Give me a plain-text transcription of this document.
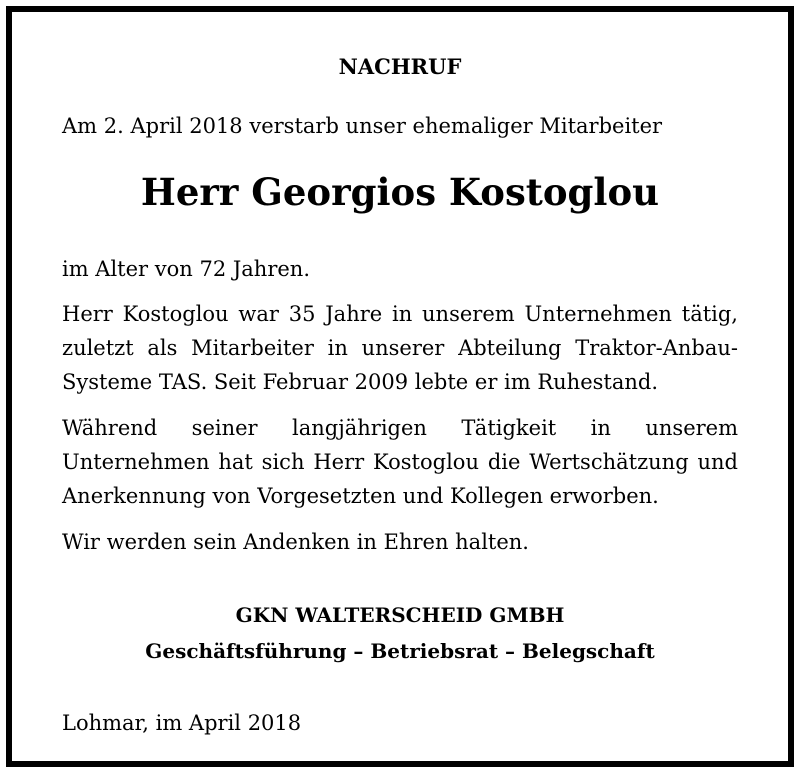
NACHRUF
Am 2. April 2018 verstarb unser ehemaliger Mitarbeiter
Herr Georgios Kostoglou
im Alter von 72 Jahren.
Herr Kostoglou war 35 Jahre in unserem Unternehmen tätig, zuletzt als Mitarbeiter in unserer Abteilung Traktor-Anbau-Systeme TAS. Seit Februar 2009 lebte er im Ruhestand.
Während seiner langjährigen Tätigkeit in unserem Unternehmen hat sich Herr Kostoglou die Wertschätzung und Anerkennung von Vorgesetzten und Kollegen erworben.
Wir werden sein Andenken in Ehren halten.
GKN WALTERSCHEID GMBH
Geschäftsführung – Betriebsrat – Belegschaft
Lohmar, im April 2018
